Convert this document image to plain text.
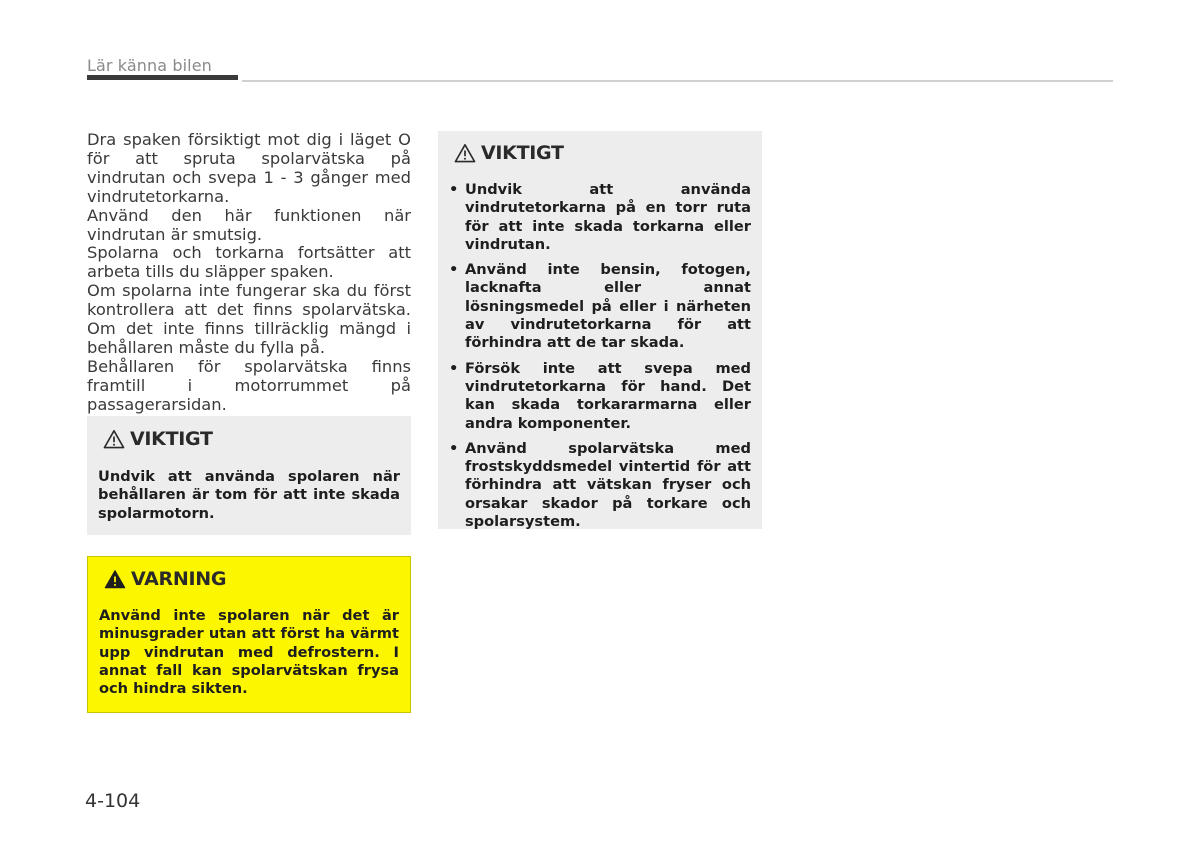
Lär känna bilen

Dra spaken försiktigt mot dig i läget O för att spruta spolarvätska på vindrutan och svepa 1 - 3 gånger med vindrutetorkarna.

Använd den här funktionen när vindrutan är smutsig.

Spolarna och torkarna fortsätter att arbeta tills du släpper spaken.

Om spolarna inte fungerar ska du först kontrollera att det finns spolarvätska. Om det inte finns tillräcklig mängd i behållaren måste du fylla på.

Behållaren för spolarvätska finns framtill i motorrummet på passagerarsidan.

VIKTIGT

Undvik att använda spolaren när behållaren är tom för att inte skada spolarmotorn.

VARNING

Använd inte spolaren när det är minusgrader utan att först ha värmt upp vindrutan med defrostern. I annat fall kan spolarvätskan frysa och hindra sikten.

VIKTIGT
• Undvik att använda vindrutetorkarna på en torr ruta för att inte skada torkarna eller vindrutan.
• Använd inte bensin, fotogen, lacknafta eller annat lösningsmedel på eller i närheten av vindrutetorkarna för att förhindra att de tar skada.
• Försök inte att svepa med vindrutetorkarna för hand. Det kan skada torkararmarna eller andra komponenter.
• Använd spolarvätska med frostskyddsmedel vintertid för att förhindra att vätskan fryser och orsakar skador på torkare och spolarsystem.
4-104
